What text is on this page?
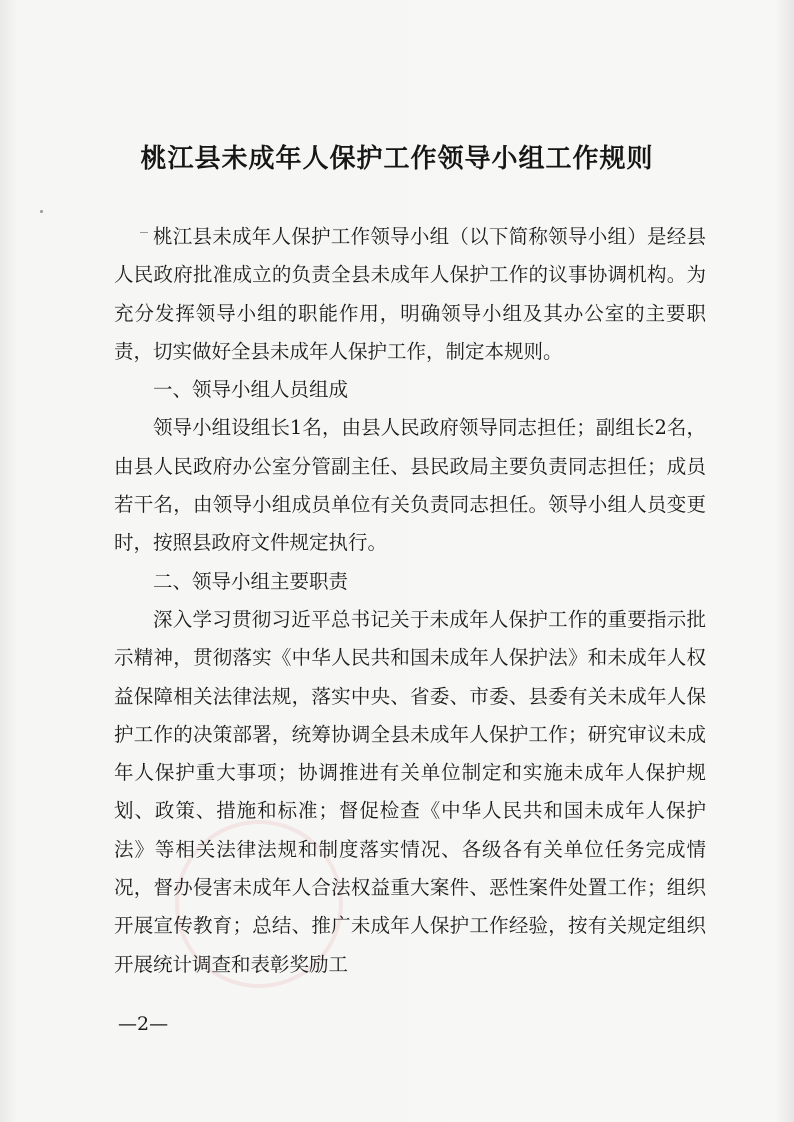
桃江县未成年人保护工作领导小组工作规则

桃江县未成年人保护工作领导小组（以下简称领导小组）是经县人民政府批准成立的负责全县未成年人保护工作的议事协调机构。为充分发挥领导小组的职能作用，明确领导小组及其办公室的主要职责，切实做好全县未成年人保护工作，制定本规则。

一、领导小组人员组成

领导小组设组长1名，由县人民政府领导同志担任；副组长2名，由县人民政府办公室分管副主任、县民政局主要负责同志担任；成员若干名，由领导小组成员单位有关负责同志担任。领导小组人员变更时，按照县政府文件规定执行。

二、领导小组主要职责

深入学习贯彻习近平总书记关于未成年人保护工作的重要指示批示精神，贯彻落实《中华人民共和国未成年人保护法》和未成年人权益保障相关法律法规，落实中央、省委、市委、县委有关未成年人保护工作的决策部署，统筹协调全县未成年人保护工作；研究审议未成年人保护重大事项；协调推进有关单位制定和实施未成年人保护规划、政策、措施和标准；督促检查《中华人民共和国未成年人保护法》等相关法律法规和制度落实情况、各级各有关单位任务完成情况，督办侵害未成年人合法权益重大案件、恶性案件处置工作；组织开展宣传教育；总结、推广未成年人保护工作经验，按有关规定组织开展统计调查和表彰奖励工

—2—
